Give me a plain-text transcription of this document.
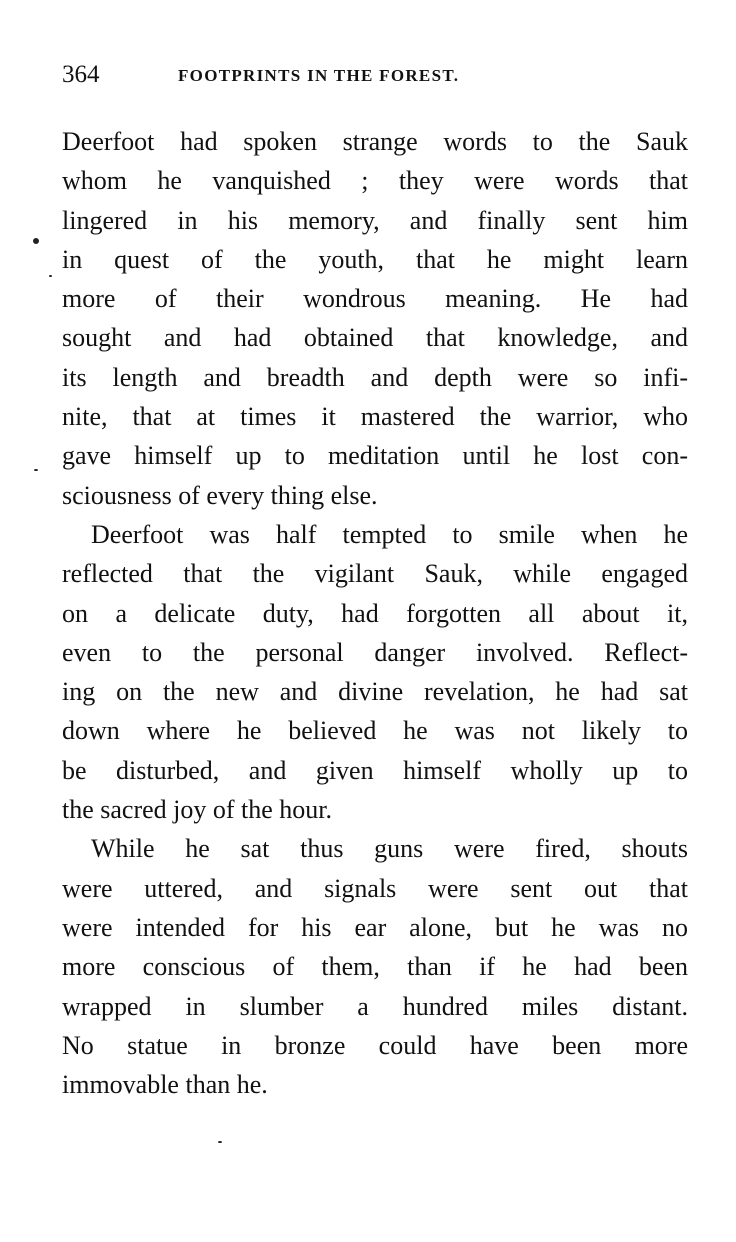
364	FOOTPRINTS IN THE FOREST.
Deerfoot had spoken strange words to the Sauk
whom he vanquished ; they were words that
lingered in his memory, and finally sent him
in quest of the youth, that he might learn
more of their wondrous meaning. He had
sought and had obtained that knowledge, and
its length and breadth and depth were so infi-
nite, that at times it mastered the warrior, who
gave himself up to meditation until he lost con-
sciousness of every thing else.
Deerfoot was half tempted to smile when he
reflected that the vigilant Sauk, while engaged
on a delicate duty, had forgotten all about it,
even to the personal danger involved. Reflect-
ing on the new and divine revelation, he had sat
down where he believed he was not likely to
be disturbed, and given himself wholly up to
the sacred joy of the hour.
While he sat thus guns were fired, shouts
were uttered, and signals were sent out that
were intended for his ear alone, but he was no
more conscious of them, than if he had been
wrapped in slumber a hundred miles distant.
No statue in bronze could have been more
immovable than he.
